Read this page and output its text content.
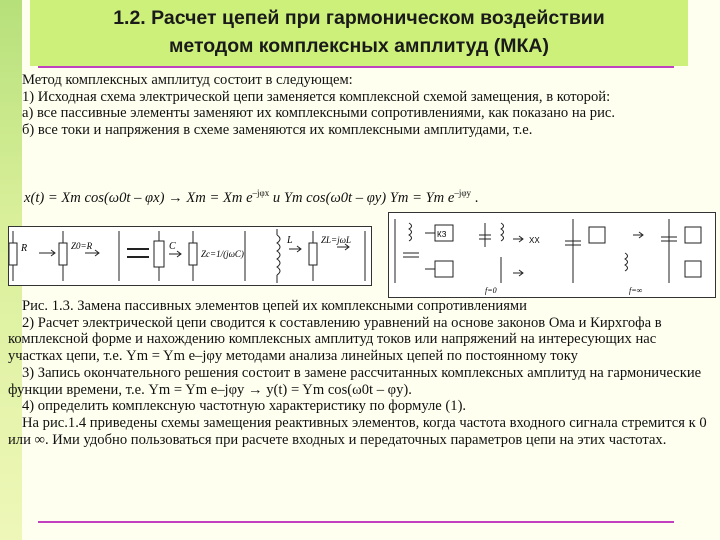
1.2. Расчет цепей при гармоническом воздействии
методом комплексных амплитуд (МКА)

Метод комплексных амплитуд состоит в следующем:

1) Исходная схема электрической цепи заменяется комплексной схемой замещения, в которой:

а) все пассивные элементы заменяют их комплексными сопротивлениями, как показано на рис.

б) все токи и напряжения в схеме заменяются их комплексными амплитудами, т.е.

x(t) = Xm cos(ω0t – φx) → Xm = Xm $e^{-j\varphi x}$ и Ym cos(ω0t – φy) Ym = Ym $e^{-j\varphi y}$ .
R	Z0=R	C
Zc=1/(jωC)
L	ZL=jωL
КЗ
ХХ
f=0	f=∞

Рис. 1.3. Замена пассивных элементов цепей их комплексными сопротивлениями

2) Расчет электрической цепи сводится к составлению уравнений на основе законов Ома и Кирхгофа в комплексной форме и нахождению комплексных амплитуд токов или напряжений на интересующих нас участках цепи, т.е. Ym = Ym e–jφy методами анализа линейных цепей по постоянному току

3) Запись окончательного решения состоит в замене рассчитанных комплексных амплитуд на гармонические функции времени, т.е. Ym = Ym e–jφy → y(t) = Ym cos(ω0t – φy).

4) определить комплексную частотную характеристику по формуле (1).

На рис.1.4 приведены схемы замещения реактивных элементов, когда частота входного сигнала стремится к 0 или ∞. Ими удобно пользоваться при расчете входных и передаточных параметров цепи на этих частотах.
